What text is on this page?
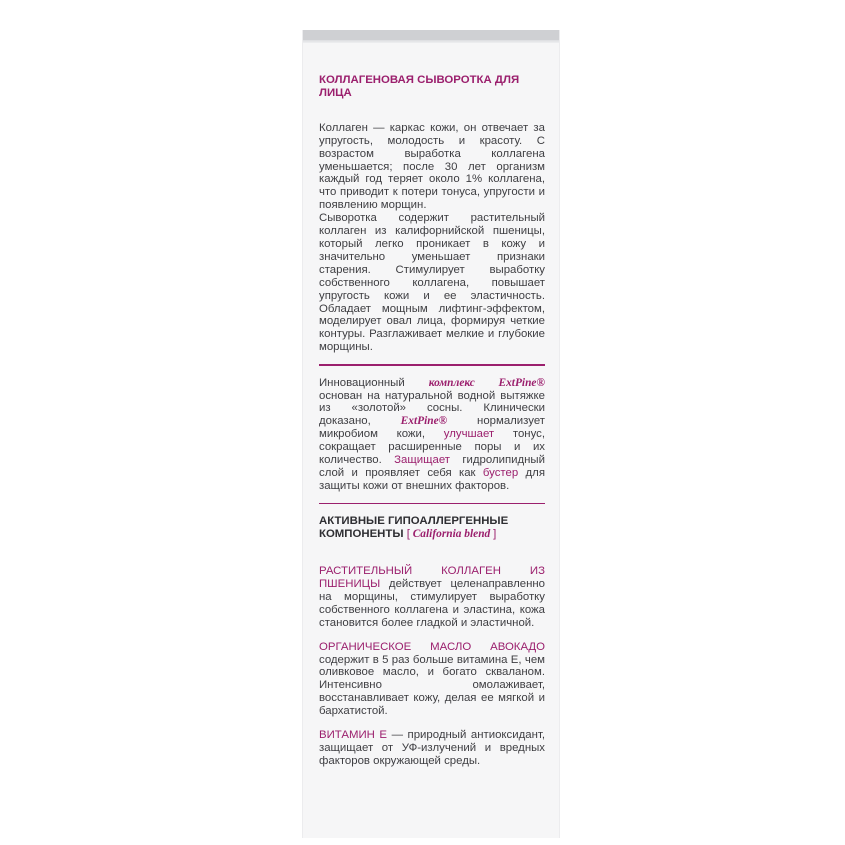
КОЛЛАГЕНОВАЯ СЫВОРОТКА ДЛЯ ЛИЦА

Коллаген — каркас кожи, он отвечает за упругость, молодость и красоту. С возрастом выработка коллагена уменьшается; после 30 лет организм каждый год теряет около 1% коллагена, что приводит к потери тонуса, упругости и появлению морщин.

Сыворотка содержит растительный коллаген из калифорнийской пшеницы, который легко проникает в кожу и значительно уменьшает признаки старения. Стимулирует выработку собственного коллагена, повышает упругость кожи и ее эластичность. Обладает мощным лифтинг-эффектом, моделирует овал лица, формируя четкие контуры. Разглаживает мелкие и глубокие морщины.

Инновационный комплекс ExtPine® основан на натуральной водной вытяжке из «золотой» сосны. Клинически доказано, ExtPine® нормализует микробиом кожи, улучшает тонус, сокращает расширенные поры и их количество. Защищает гидролипидный слой и проявляет себя как бустер для защиты кожи от внешних факторов.

АКТИВНЫЕ ГИПОАЛЛЕРГЕННЫЕ КОМПОНЕНТЫ [ California blend ]

РАСТИТЕЛЬНЫЙ КОЛЛАГЕН ИЗ ПШЕНИЦЫ действует целенаправленно на морщины, стимулирует выработку собственного коллагена и эластина, кожа становится более гладкой и эластичной.

ОРГАНИЧЕСКОЕ МАСЛО АВОКАДО содержит в 5 раз больше витамина Е, чем оливковое масло, и богато скваланом. Интенсивно омолаживает, восстанавливает кожу, делая ее мягкой и бархатистой.

ВИТАМИН Е — природный антиоксидант, защищает от УФ-излучений и вредных факторов окружающей среды.
